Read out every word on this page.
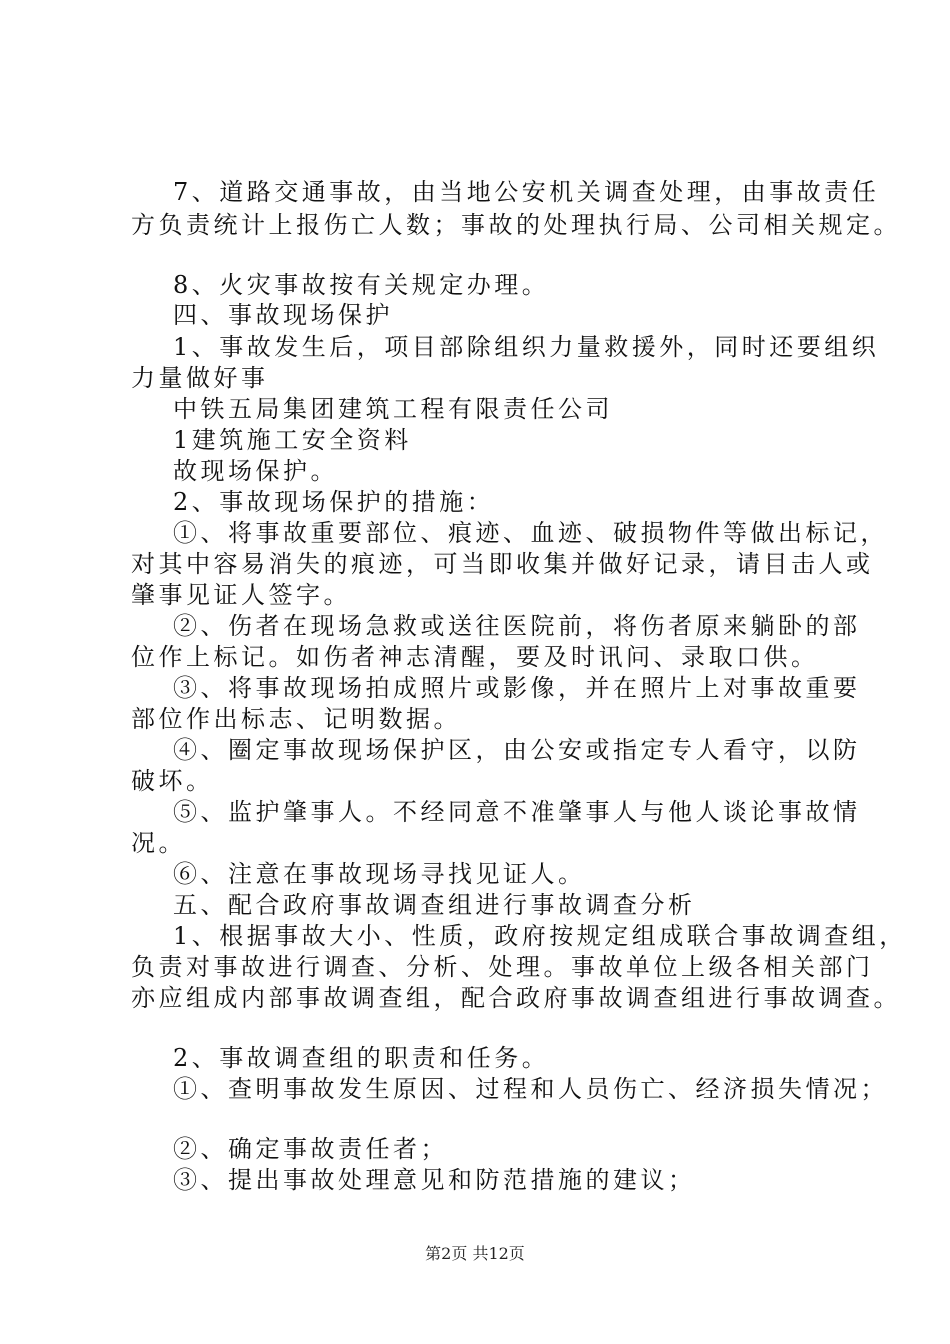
7、道路交通事故，由当地公安机关调查处理，由事故责任
方负责统计上报伤亡人数；事故的处理执行局、公司相关规定。
8、火灾事故按有关规定办理。
四、事故现场保护
1、事故发生后，项目部除组织力量救援外，同时还要组织
力量做好事
中铁五局集团建筑工程有限责任公司
1建筑施工安全资料
故现场保护。
2、事故现场保护的措施：
①、将事故重要部位、痕迹、血迹、破损物件等做出标记，
对其中容易消失的痕迹，可当即收集并做好记录，请目击人或
肇事见证人签字。
②、伤者在现场急救或送往医院前，将伤者原来躺卧的部
位作上标记。如伤者神志清醒，要及时讯问、录取口供。
③、将事故现场拍成照片或影像，并在照片上对事故重要
部位作出标志、记明数据。
④、圈定事故现场保护区，由公安或指定专人看守，以防
破坏。
⑤、监护肇事人。不经同意不准肇事人与他人谈论事故情
况。
⑥、注意在事故现场寻找见证人。
五、配合政府事故调查组进行事故调查分析
1、根据事故大小、性质，政府按规定组成联合事故调查组，
负责对事故进行调查、分析、处理。事故单位上级各相关部门
亦应组成内部事故调查组，配合政府事故调查组进行事故调查。
2、事故调查组的职责和任务。
①、查明事故发生原因、过程和人员伤亡、经济损失情况；
②、确定事故责任者；
③、提出事故处理意见和防范措施的建议；
第2页 共12页
